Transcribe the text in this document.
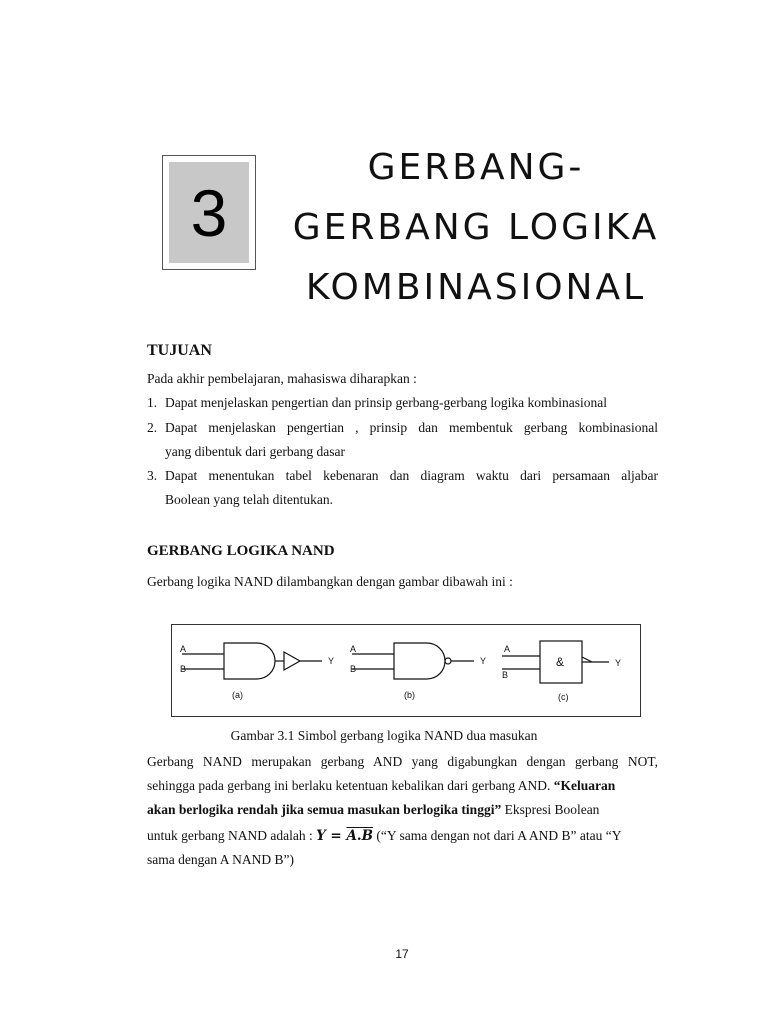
3
GERBANG-
GERBANG LOGIKA
KOMBINASIONAL
TUJUAN
Pada akhir pembelajaran, mahasiswa diharapkan :
1. Dapat menjelaskan pengertian dan prinsip gerbang-gerbang logika kombinasional
2. Dapat menjelaskan pengertian , prinsip dan membentuk gerbang kombinasional
yang dibentuk dari gerbang dasar
3. Dapat menentukan tabel kebenaran dan diagram waktu dari persamaan aljabar
Boolean yang telah ditentukan.
GERBANG LOGIKA NAND
Gerbang logika NAND dilambangkan dengan gambar dibawah ini :
A
B
Y
(a)
A
B
Y
(b)
A
B
&	Y
(c)
Gambar 3.1 Simbol gerbang logika NAND dua masukan
Gerbang NAND merupakan gerbang AND yang digabungkan dengan gerbang NOT,
sehingga pada gerbang ini berlaku ketentuan kebalikan dari gerbang AND. “Keluaran
akan berlogika rendah jika semua masukan berlogika tinggi” Ekspresi Boolean
untuk gerbang NAND adalah : Y = A.B (“Y sama dengan not dari A AND B” atau “Y
sama dengan A NAND B”)
17
